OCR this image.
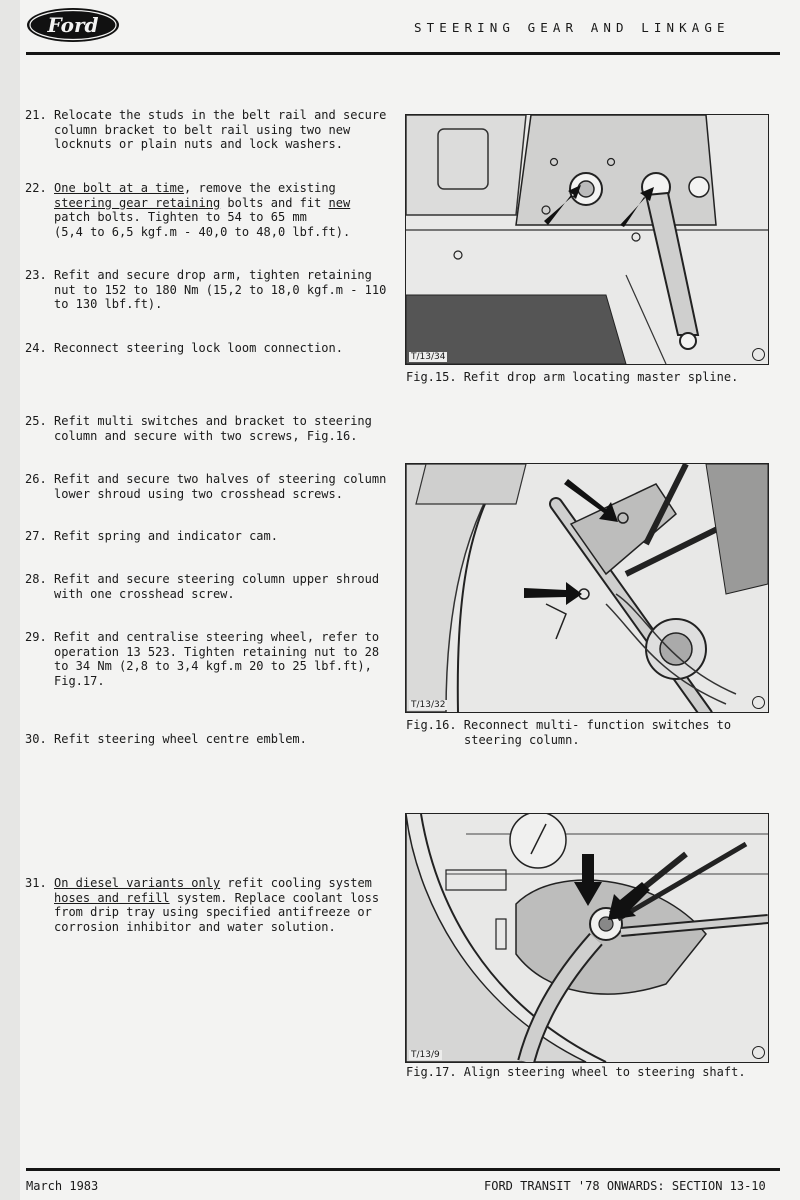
Ford	STEERING GEAR AND LINKAGE
21. Relocate the studs in the belt rail and secure
column bracket to belt rail using two new
locknuts or plain nuts and lock washers.
22. One bolt at a time, remove the existing
steering gear retaining bolts and fit new
patch bolts. Tighten to 54 to 65 mm
(5,4 to 6,5 kgf.m - 40,0 to 48,0 lbf.ft).
23. Refit and secure drop arm, tighten retaining
nut to 152 to 180 Nm (15,2 to 18,0 kgf.m - 110
to 130 lbf.ft).
24. Reconnect steering lock loom connection.
25. Refit multi switches and bracket to steering
column and secure with two screws, Fig.16.
26. Refit and secure two halves of steering column
lower shroud using two crosshead screws.
27. Refit spring and indicator cam.
28. Refit and secure steering column upper shroud
with one crosshead screw.
29. Refit and centralise steering wheel, refer to
operation 13 523. Tighten retaining nut to 28
to 34 Nm (2,8 to 3,4 kgf.m 20 to 25 lbf.ft),
Fig.17.
30. Refit steering wheel centre emblem.
31. On diesel variants only refit cooling system
hoses and refill system. Replace coolant loss
from drip tray using specified antifreeze or
corrosion inhibitor and water solution.
T/13/34
Fig.15. Refit drop arm locating master spline.
T/13/32
Fig.16. Reconnect multi- function switches to
steering column.
T/13/9
Fig.17. Align steering wheel to steering shaft.
March 1983	FORD TRANSIT '78 ONWARDS: SECTION 13-10
